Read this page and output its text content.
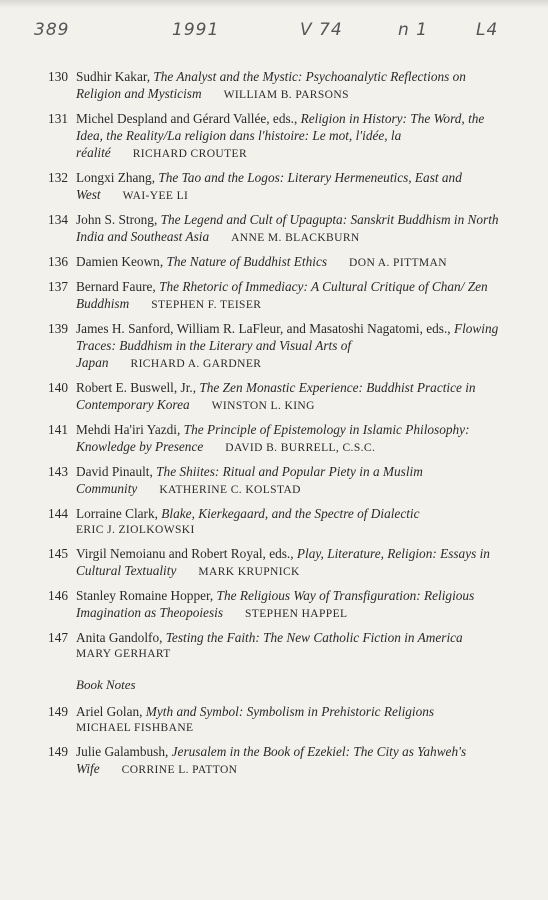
389	1991	V 74	n 1	L4
130 Sudhir Kakar, The Analyst and the Mystic: Psychoanalytic Reflections on Religion and Mysticism WILLIAM B. PARSONS
131 Michel Despland and Gérard Vallée, eds., Religion in History: The Word, the Idea, the Reality/La religion dans l'histoire: Le mot, l'idée, la réalité RICHARD CROUTER
132 Longxi Zhang, The Tao and the Logos: Literary Hermeneutics, East and West WAI-YEE LI
134 John S. Strong, The Legend and Cult of Upagupta: Sanskrit Buddhism in North India and Southeast Asia ANNE M. BLACKBURN
136 Damien Keown, The Nature of Buddhist Ethics DON A. PITTMAN
137 Bernard Faure, The Rhetoric of Immediacy: A Cultural Critique of Chan/ Zen Buddhism STEPHEN F. TEISER
139 James H. Sanford, William R. LaFleur, and Masatoshi Nagatomi, eds., Flowing Traces: Buddhism in the Literary and Visual Arts of Japan RICHARD A. GARDNER
140 Robert E. Buswell, Jr., The Zen Monastic Experience: Buddhist Practice in Contemporary Korea WINSTON L. KING
141 Mehdi Ha'iri Yazdi, The Principle of Epistemology in Islamic Philosophy: Knowledge by Presence DAVID B. BURRELL, C.S.C.
143 David Pinault, The Shiites: Ritual and Popular Piety in a Muslim Community KATHERINE C. KOLSTAD
144 Lorraine Clark, Blake, Kierkegaard, and the Spectre of Dialectic
ERIC J. ZIOLKOWSKI
145 Virgil Nemoianu and Robert Royal, eds., Play, Literature, Religion: Essays in Cultural Textuality MARK KRUPNICK
146 Stanley Romaine Hopper, The Religious Way of Transfiguration: Religious Imagination as Theopoiesis STEPHEN HAPPEL
147 Anita Gandolfo, Testing the Faith: The New Catholic Fiction in America
MARY GERHART
Book Notes
149 Ariel Golan, Myth and Symbol: Symbolism in Prehistoric Religions
MICHAEL FISHBANE
149 Julie Galambush, Jerusalem in the Book of Ezekiel: The City as Yahweh's Wife CORRINE L. PATTON
